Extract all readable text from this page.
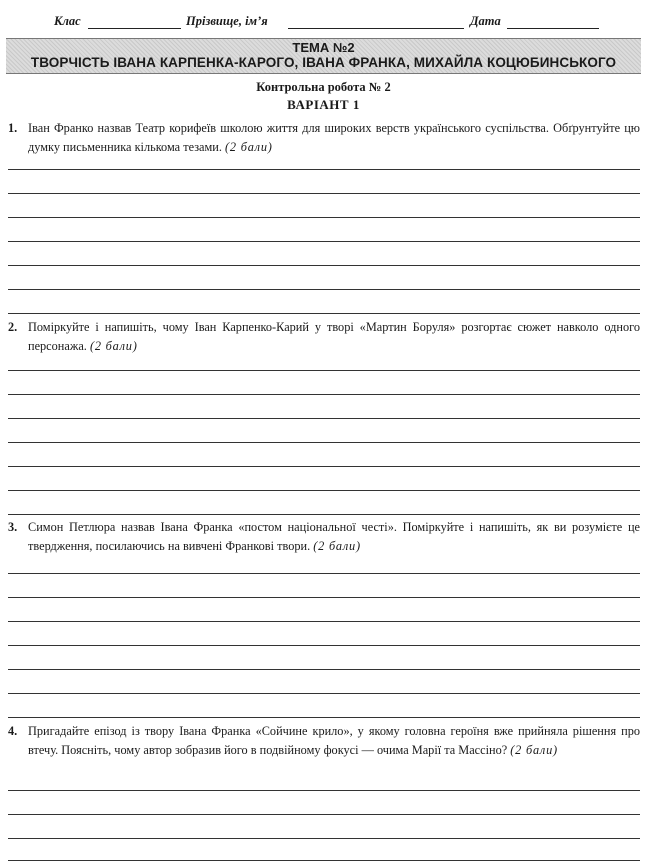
Клас	Прізвище, ім’я	Дата
ТЕМА №2
ТВОРЧІСТЬ ІВАНА КАРПЕНКА-КАРОГО, ІВАНА ФРАНКА, МИХАЙЛА КОЦЮБИНСЬКОГО
Контрольна робота № 2
ВАРІАНТ 1
1. Іван Франко назвав Театр корифеїв школою життя для широких верств українського суспільства. Обґрунтуйте цю думку письменника кількома тезами. (2 бали)
2. Поміркуйте і напишіть, чому Іван Карпенко-Карий у творі «Мартин Боруля» розгортає сюжет навколо одного персонажа. (2 бали)
3. Симон Петлюра назвав Івана Франка «постом національної честі». Поміркуйте і напишіть, як ви розумієте це твердження, посилаючись на вивчені Франкові твори. (2 бали)
4. Пригадайте епізод із твору Івана Франка «Сойчине крило», у якому головна героїня вже прийняла рішення про втечу. Поясніть, чому автор зобразив його в подвійному фокусі — очима Марії та Массіно? (2 бали)
